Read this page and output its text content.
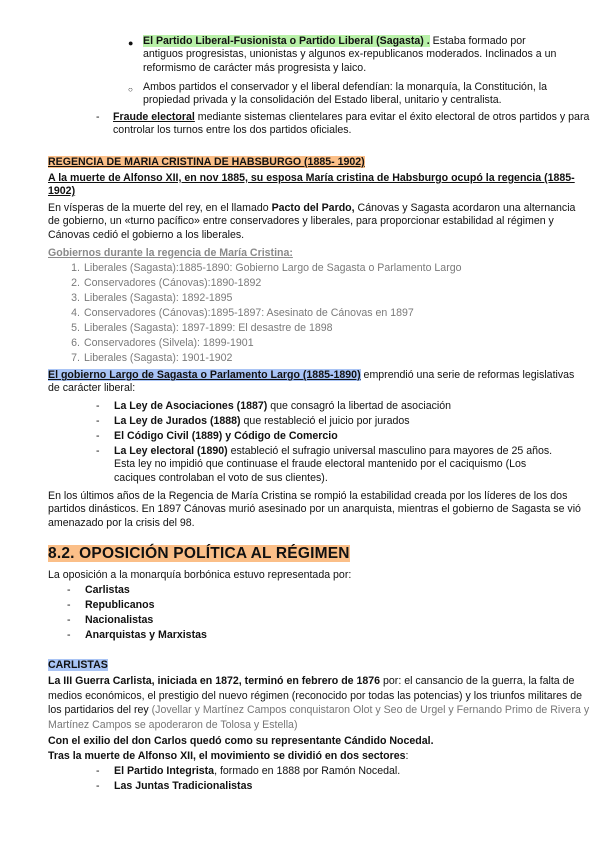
● El Partido Liberal-Fusionista o Partido Liberal (Sagasta) . Estaba formado por antiguos progresistas, unionistas y algunos ex-republicanos moderados. Inclinados a un reformismo de carácter más progresista y laico.
○ Ambos partidos el conservador y el liberal defendían: la monarquía, la Constitución, la propiedad privada y la consolidación del Estado liberal, unitario y centralista.
- Fraude electoral mediante sistemas clientelares para evitar el éxito electoral de otros partidos y para controlar los turnos entre los dos partidos oficiales.
REGENCIA DE MARIA CRISTINA DE HABSBURGO (1885- 1902)
A la muerte de Alfonso XII, en nov 1885, su esposa María cristina de Habsburgo ocupó la regencia (1885- 1902)
En vísperas de la muerte del rey, en el llamado Pacto del Pardo, Cánovas y Sagasta acordaron una alternancia de gobierno, un «turno pacífico» entre conservadores y liberales, para proporcionar estabilidad al régimen y Cánovas cedió el gobierno a los liberales.
Gobiernos durante la regencia de María Cristina:
1. Liberales (Sagasta):1885-1890: Gobierno Largo de Sagasta o Parlamento Largo
2. Conservadores (Cánovas):1890-1892
3. Liberales (Sagasta): 1892-1895
4. Conservadores (Cánovas):1895-1897: Asesinato de Cánovas en 1897
5. Liberales (Sagasta): 1897-1899: El desastre de 1898
6. Conservadores (Silvela): 1899-1901
7. Liberales (Sagasta): 1901-1902
El gobierno Largo de Sagasta o Parlamento Largo (1885-1890) emprendió una serie de reformas legislativas de carácter liberal:
- La Ley de Asociaciones (1887) que consagró la libertad de asociación
- La Ley de Jurados (1888) que restableció el juicio por jurados
- El Código Civil (1889) y Código de Comercio
- La Ley electoral (1890) estableció el sufragio universal masculino para mayores de 25 años. Esta ley no impidió que continuase el fraude electoral mantenido por el caciquismo (Los caciques controlaban el voto de sus clientes).
En los últimos años de la Regencia de María Cristina se rompió la estabilidad creada por los líderes de los dos partidos dinásticos. En 1897 Cánovas murió asesinado por un anarquista, mientras el gobierno de Sagasta se vió amenazado por la crisis del 98.
8.2. OPOSICIÓN POLÍTICA AL RÉGIMEN
La oposición a la monarquía borbónica estuvo representada por:
- Carlistas
- Republicanos
- Nacionalistas
- Anarquistas y Marxistas
CARLISTAS
La III Guerra Carlista, iniciada en 1872, terminó en febrero de 1876 por: el cansancio de la guerra, la falta de medios económicos, el prestigio del nuevo régimen (reconocido por todas las potencias) y los triunfos militares de los partidarios del rey (Jovellar y Martínez Campos conquistaron Olot y Seo de Urgel y Fernando Primo de Rivera y Martínez Campos se apoderaron de Tolosa y Estella)
Con el exilio del don Carlos quedó como su representante Cándido Nocedal.
Tras la muerte de Alfonso XII, el movimiento se dividió en dos sectores:
- El Partido Integrista, formado en 1888 por Ramón Nocedal.
- Las Juntas Tradicionalistas
